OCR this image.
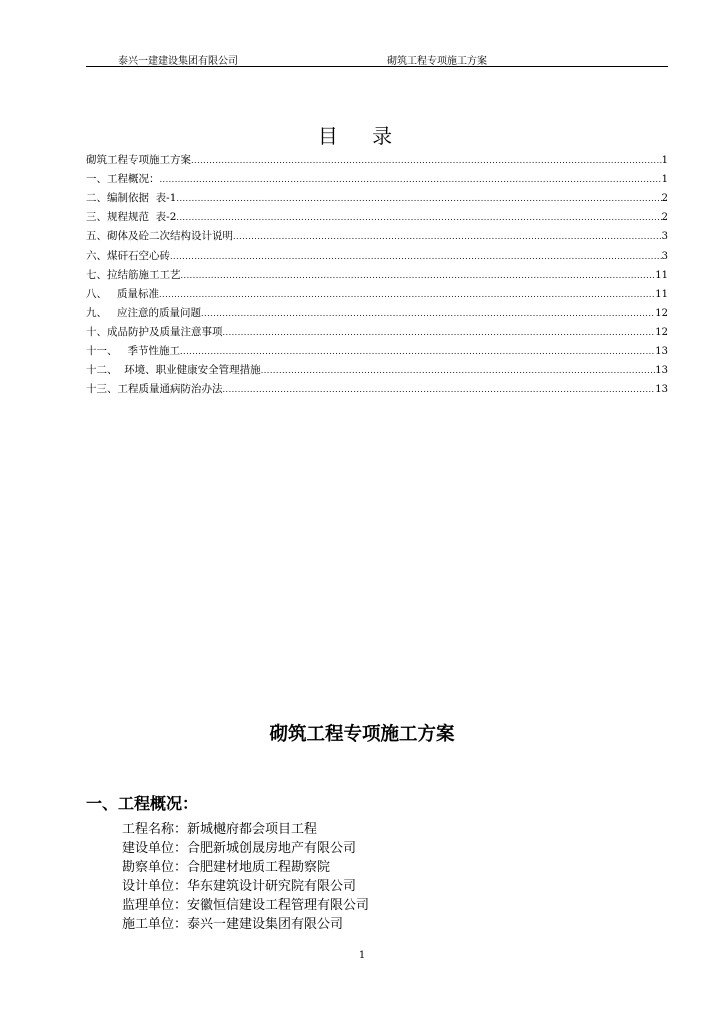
泰兴一建建设集团有限公司	砌筑工程专项施工方案
目 录
砌筑工程专项施工方案 .....	1
一、工程概况： .....	1
二、编制依据  表-1 .....	2
三、规程规范  表-2 .....	2
五、砌体及砼二次结构设计说明 .....	3
六、煤矸石空心砖 .....	3
七、拉结筋施工工艺 .....	11
八、   质量标准 .....	11
九、   应注意的质量问题 .....	12
十、成品防护及质量注意事项 .....	12
十一、   季节性施工 .....	13
十二、  环境、职业健康安全管理措施 .....	13
十三、工程质量通病防治办法 .....	13
砌筑工程专项施工方案
一、工程概况：
工程名称：新城樾府都会项目工程
建设单位：合肥新城创晟房地产有限公司
勘察单位：合肥建材地质工程勘察院
设计单位：华东建筑设计研究院有限公司
监理单位：安徽恒信建设工程管理有限公司
施工单位：泰兴一建建设集团有限公司
1
